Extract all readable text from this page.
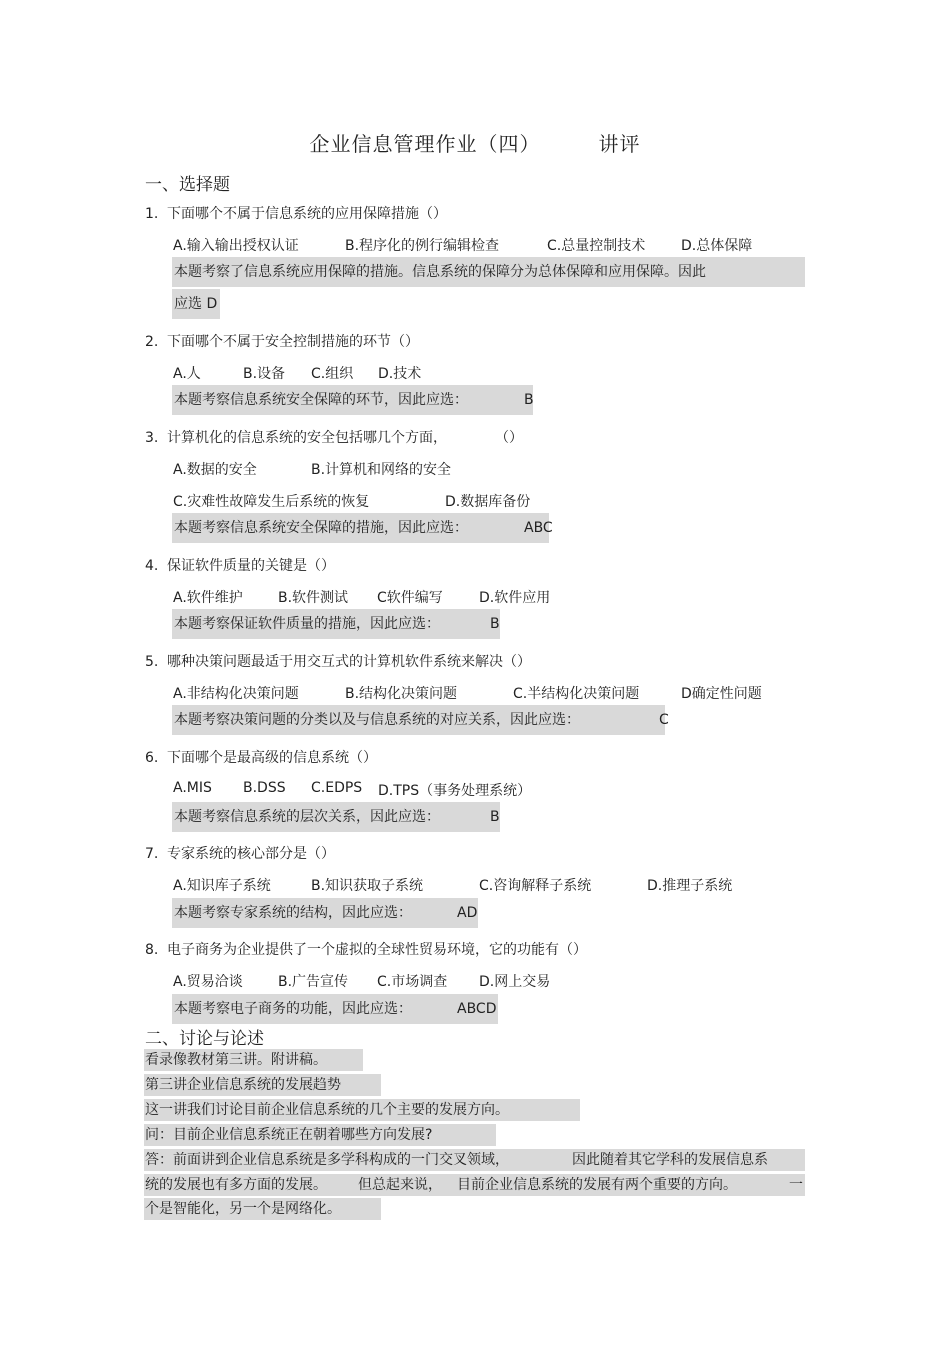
企业信息管理作业（四）	讲评
一、选择题
1. 下面哪个不属于信息系统的应用保障措施（）
A.输入输出授权认证	B.程序化的例行编辑检查	C.总量控制技术	D.总体保障
本题考察了信息系统应用保障的措施。信息系统的保障分为总体保障和应用保障。因此
应选 D
2. 下面哪个不属于安全控制措施的环节（）
A.人	B.设备 C.组织 D.技术
本题考察信息系统安全保障的环节，因此应选：	B
3. 计算机化的信息系统的安全包括哪几个方面，	（）
A.数据的安全	B.计算机和网络的安全
C.灾难性故障发生后系统的恢复	D.数据库备份
本题考察信息系统安全保障的措施，因此应选：	ABC
4. 保证软件质量的关键是（）
A.软件维护	B.软件测试 C软件编写	D.软件应用
本题考察保证软件质量的措施，因此应选：	B
5. 哪种决策问题最适于用交互式的计算机软件系统来解决（）
A.非结构化决策问题	B.结构化决策问题	C.半结构化决策问题	D确定性问题
本题考察决策问题的分类以及与信息系统的对应关系，因此应选：	C
6. 下面哪个是最高级的信息系统（）
A.MIS B.DSS C.EDPS D.TPS（事务处理系统）
本题考察信息系统的层次关系，因此应选：	B
7. 专家系统的核心部分是（）
A.知识库子系统	B.知识获取子系统	C.咨询解释子系统	D.推理子系统
本题考察专家系统的结构，因此应选：	AD
8. 电子商务为企业提供了一个虚拟的全球性贸易环境，它的功能有（）
A.贸易洽谈	B.广告宣传 C.市场调查 D.网上交易
本题考察电子商务的功能，因此应选：	ABCD
二、讨论与论述
看录像教材第三讲。附讲稿。
第三讲企业信息系统的发展趋势
这一讲我们讨论目前企业信息系统的几个主要的发展方向。
问：目前企业信息系统正在朝着哪些方向发展?
答：前面讲到企业信息系统是多学科构成的一门交叉领域，	因此随着其它学科的发展信息系
统的发展也有多方面的发展。 但总起来说， 目前企业信息系统的发展有两个重要的方向。	一
个是智能化，另一个是网络化。
